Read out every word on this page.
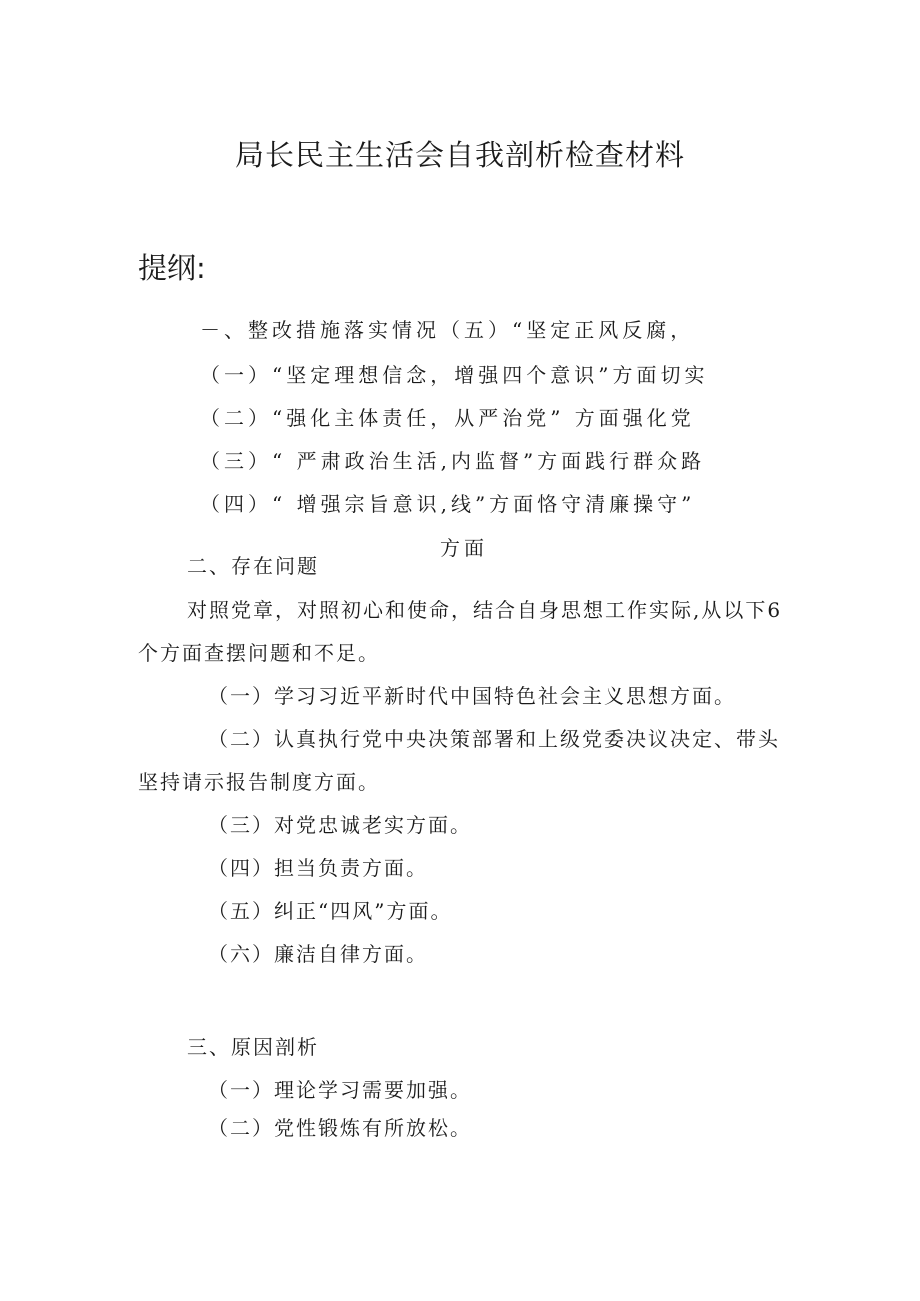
局长民主生活会自我剖析检查材料
提纲:
－、整改措施落实情况（五）“坚定正风反腐，
（一）“坚定理想信念，增强四个意识”方面切实
（二）“强化主体责任，从严治党” 方面强化党
（三）“ 严肃政治生活,内监督”方面践行群众路
（四）“ 增强宗旨意识,线”方面恪守清廉操守”
方面
二、存在问题
对照党章，对照初心和使命，结合自身思想工作实际,从以下6
个方面查摆问题和不足。
（一）学习习近平新时代中国特色社会主义思想方面。
（二）认真执行党中央决策部署和上级党委决议决定、带头
坚持请示报告制度方面。
（三）对党忠诚老实方面。
（四）担当负责方面。
（五）纠正“四风”方面。
（六）廉洁自律方面。
三、原因剖析
（一）理论学习需要加强。
（二）党性锻炼有所放松。
